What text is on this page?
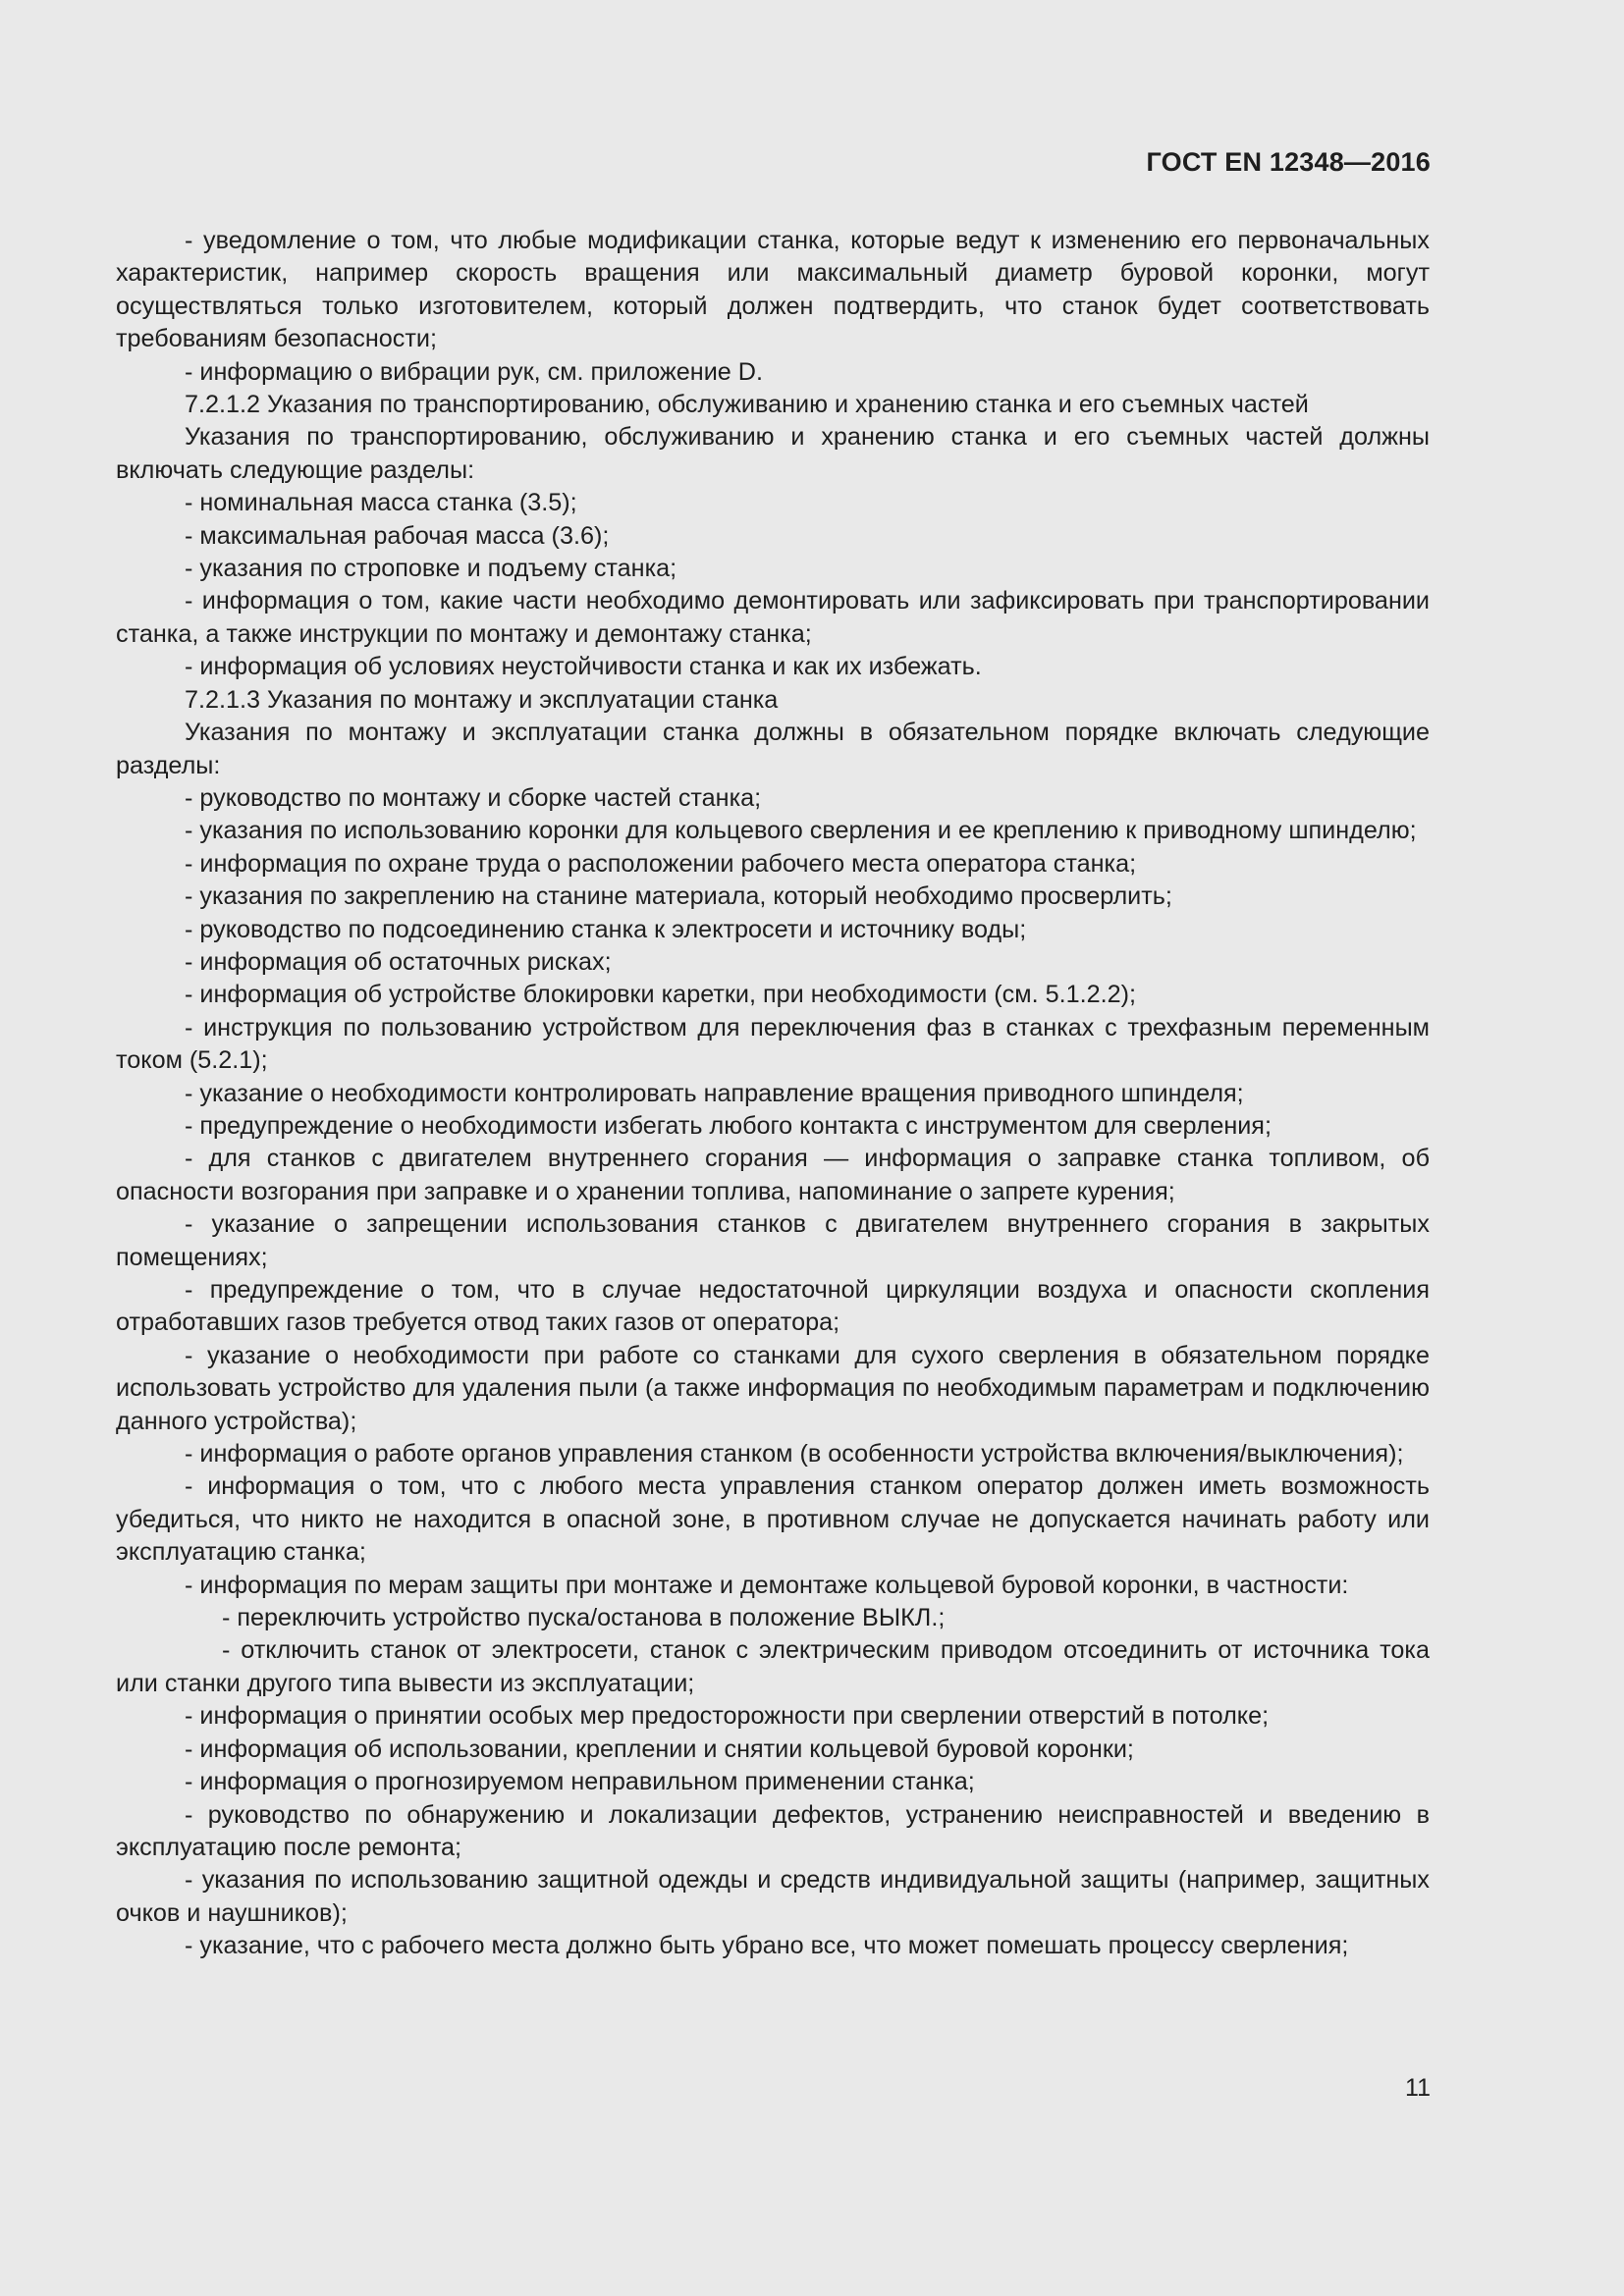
ГОСТ EN 12348—2016

- уведомление о том, что любые модификации станка, которые ведут к изменению его первоначальных характеристик, например скорость вращения или максимальный диаметр буровой коронки, могут осуществляться только изготовителем, который должен подтвердить, что станок будет соответствовать требованиям безопасности;

- информацию о вибрации рук, см. приложение D.

7.2.1.2 Указания по транспортированию, обслуживанию и хранению станка и его съемных частей

Указания по транспортированию, обслуживанию и хранению станка и его съемных частей должны включать следующие разделы:

- номинальная масса станка (3.5);

- максимальная рабочая масса (3.6);

- указания по строповке и подъему станка;

- информация о том, какие части необходимо демонтировать или зафиксировать при транспортировании станка, а также инструкции по монтажу и демонтажу станка;

- информация об условиях неустойчивости станка и как их избежать.

7.2.1.3 Указания по монтажу и эксплуатации станка

Указания по монтажу и эксплуатации станка должны в обязательном порядке включать следующие разделы:

- руководство по монтажу и сборке частей станка;

- указания по использованию коронки для кольцевого сверления и ее креплению к приводному шпинделю;

- информация по охране труда о расположении рабочего места оператора станка;

- указания по закреплению на станине материала, который необходимо просверлить;

- руководство по подсоединению станка к электросети и источнику воды;

- информация об остаточных рисках;

- информация об устройстве блокировки каретки, при необходимости (см. 5.1.2.2);

- инструкция по пользованию устройством для переключения фаз в станках с трехфазным переменным током (5.2.1);

- указание о необходимости контролировать направление вращения приводного шпинделя;

- предупреждение о необходимости избегать любого контакта с инструментом для сверления;

- для станков с двигателем внутреннего сгорания — информация о заправке станка топливом, об опасности возгорания при заправке и о хранении топлива, напоминание о запрете курения;

- указание о запрещении использования станков с двигателем внутреннего сгорания в закрытых помещениях;

- предупреждение о том, что в случае недостаточной циркуляции воздуха и опасности скопления отработавших газов требуется отвод таких газов от оператора;

- указание о необходимости при работе со станками для сухого сверления в обязательном порядке использовать устройство для удаления пыли (а также информация по необходимым параметрам и подключению данного устройства);

- информация о работе органов управления станком (в особенности устройства включения/выключения);

- информация о том, что с любого места управления станком оператор должен иметь возможность убедиться, что никто не находится в опасной зоне, в противном случае не допускается начинать работу или эксплуатацию станка;

- информация по мерам защиты при монтаже и демонтаже кольцевой буровой коронки, в частности:

- переключить устройство пуска/останова в положение ВЫКЛ.;

- отключить станок от электросети, станок с электрическим приводом отсоединить от источника тока или станки другого типа вывести из эксплуатации;

- информация о принятии особых мер предосторожности при сверлении отверстий в потолке;

- информация об использовании, креплении и снятии кольцевой буровой коронки;

- информация о прогнозируемом неправильном применении станка;

- руководство по обнаружению и локализации дефектов, устранению неисправностей и введению в эксплуатацию после ремонта;

- указания по использованию защитной одежды и средств индивидуальной защиты (например, защитных очков и наушников);

- указание, что с рабочего места должно быть убрано все, что может помешать процессу сверления;

11
